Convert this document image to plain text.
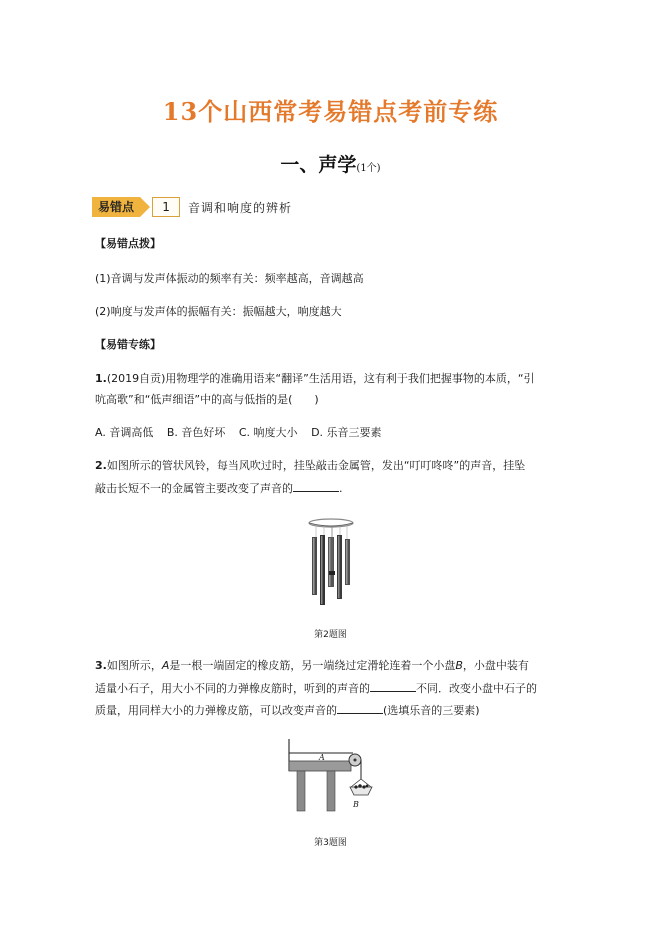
13个山西常考易错点考前专练
一、声学(1个)
易错点	1	音调和响度的辨析
【易错点拨】
(1)音调与发声体振动的频率有关：频率越高，音调越高
(2)响度与发声体的振幅有关：振幅越大，响度越大
【易错专练】
1.(2019自贡)用物理学的准确用语来“翻译”生活用语，这有利于我们把握事物的本质，“引
吭高歌”和“低声细语”中的高与低指的是(　　)
A. 音调高低 B. 音色好坏 C. 响度大小 D. 乐音三要素
2.如图所示的管状风铃，每当风吹过时，挂坠敲击金属管，发出“叮叮咚咚”的声音，挂坠
敲击长短不一的金属管主要改变了声音的	.
第2题图
3.如图所示，A是一根一端固定的橡皮筋，另一端绕过定滑轮连着一个小盘B，小盘中装有
适量小石子，用大小不同的力弹橡皮筋时，听到的声音的	不同．改变小盘中石子的
质量，用同样大小的力弹橡皮筋，可以改变声音的	(选填乐音的三要素)
A
B
第3题图
